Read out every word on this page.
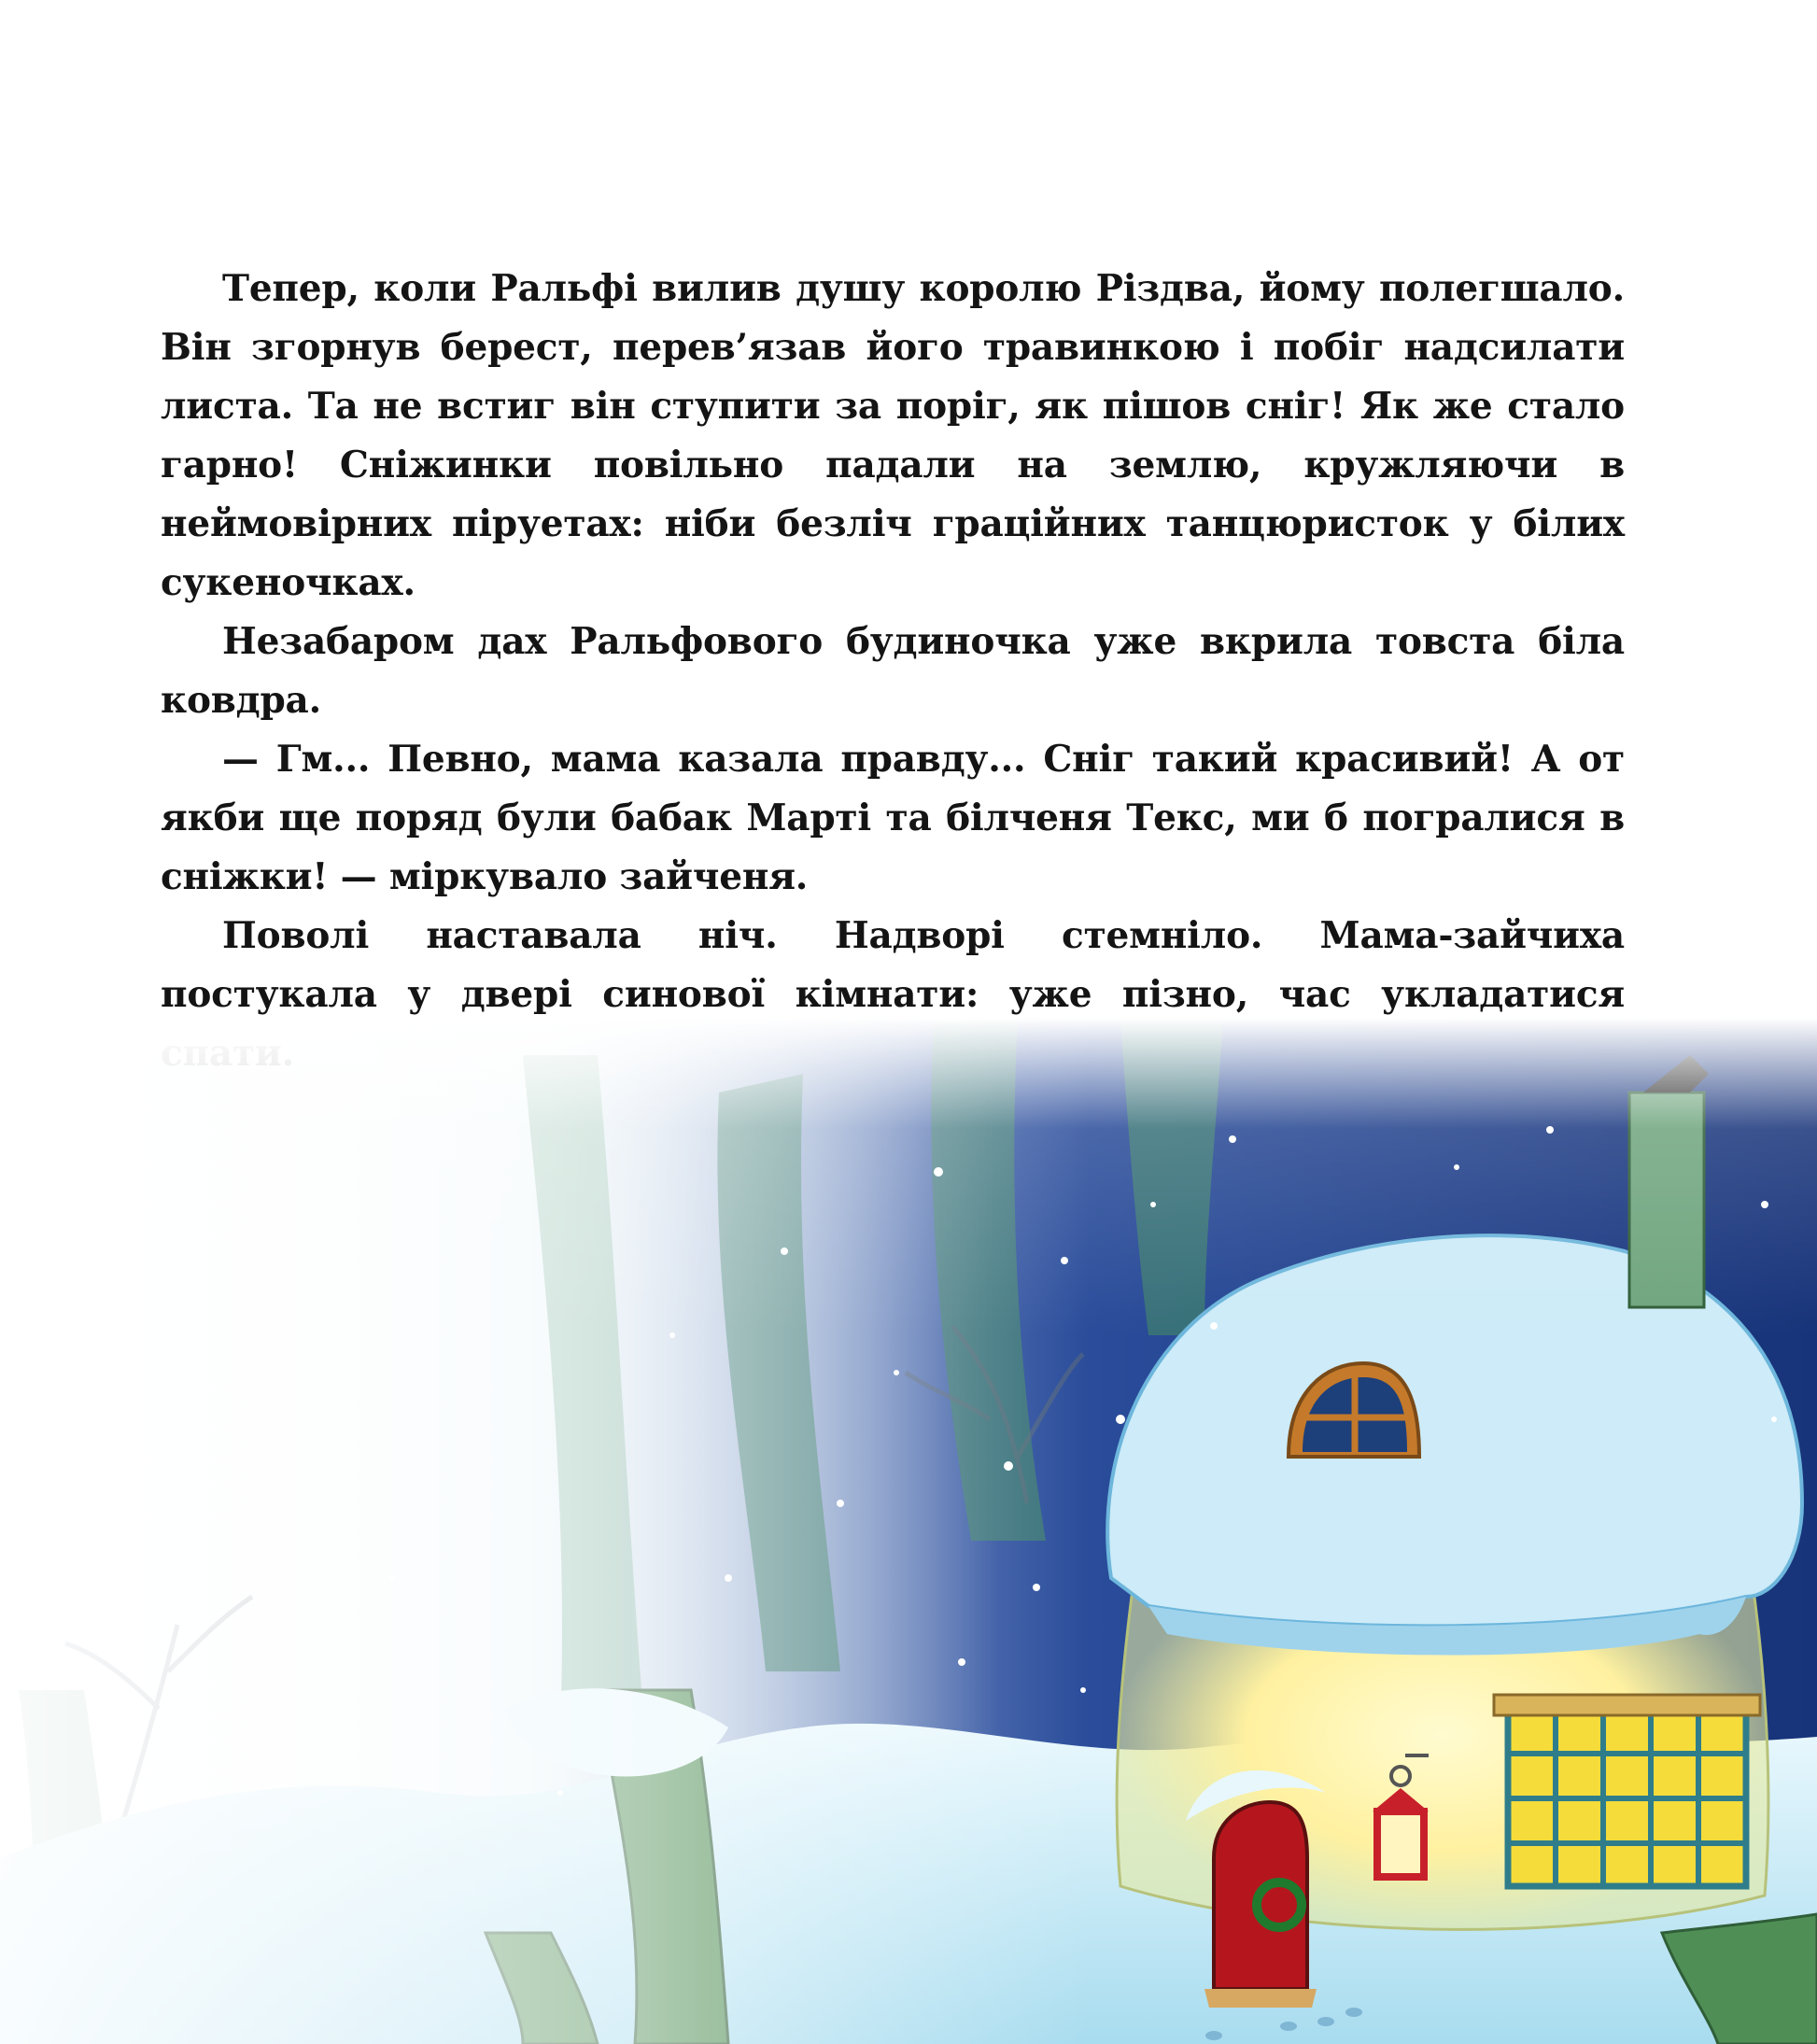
Тепер, коли Ральфі вилив душу королю Різдва, йому полегшало. Він згорнув берест, перев’язав його травинкою і побіг надсилати листа. Та не встиг він ступити за поріг, як пішов сніг! Як же стало гарно! Сніжинки повільно падали на землю, кружляючи в неймовірних піруетах: ніби безліч граційних танцюристок у білих сукеночках.

Незабаром дах Ральфового будиночка уже вкрила товста біла ковдра.

— Гм... Певно, мама казала правду... Сніг такий красивий! А от якби ще поряд були бабак Марті та білченя Текс, ми б погралися в сніжки! — міркувало зайченя.

Поволі наставала ніч. Надворі стемніло. Мама-зайчиха постукала у двері синової кімнати: уже пізно, час укладатися
